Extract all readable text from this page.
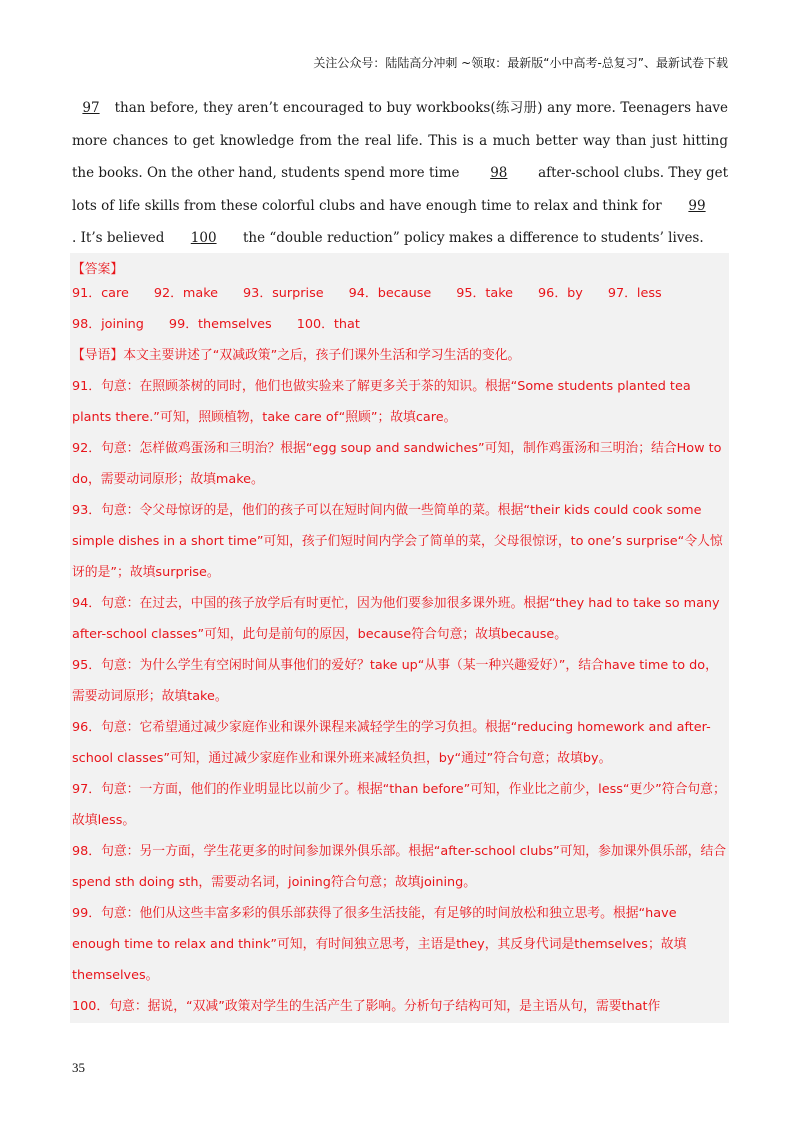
关注公众号：陆陆高分冲刺 ~领取：最新版“小中高考-总复习”、最新试卷下载
97 than before, they aren’t encouraged to buy workbooks(练习册) any more. Teenagers have more chances to get knowledge from the real life. This is a much better way than just hitting the books. On the other hand, students spend more time 98 after-school clubs. They get lots of life skills from these colorful clubs and have enough time to relax and think for 99. It’s believed 100 the “double reduction” policy makes a difference to students’ lives.
【答案】
91．care 92．make 93．surprise 94．because 95．take 96．by 97．less98．joining 99．themselves 100．that

【导语】本文主要讲述了“双减政策”之后，孩子们课外生活和学习生活的变化。

91．句意：在照顾茶树的同时，他们也做实验来了解更多关于茶的知识。根据“Some students planted tea plants there.”可知，照顾植物，take care of“照顾”；故填care。

92．句意：怎样做鸡蛋汤和三明治？根据“egg soup and sandwiches”可知，制作鸡蛋汤和三明治；结合How to do，需要动词原形；故填make。

93．句意：令父母惊讶的是，他们的孩子可以在短时间内做一些简单的菜。根据“their kids could cook some simple dishes in a short time”可知，孩子们短时间内学会了简单的菜，父母很惊讶，to one’s surprise“令人惊讶的是”；故填surprise。

94．句意：在过去，中国的孩子放学后有时更忙，因为他们要参加很多课外班。根据“they had to take so many after-school classes”可知，此句是前句的原因，because符合句意；故填because。

95．句意：为什么学生有空闲时间从事他们的爱好？take up“从事（某一种兴趣爱好）”，结合have time to do，需要动词原形；故填take。

96．句意：它希望通过减少家庭作业和课外课程来减轻学生的学习负担。根据“reducing homework and after-school classes”可知，通过减少家庭作业和课外班来减轻负担，by“通过”符合句意；故填by。

97．句意：一方面，他们的作业明显比以前少了。根据“than before”可知，作业比之前少，less“更少”符合句意；故填less。

98．句意：另一方面，学生花更多的时间参加课外俱乐部。根据“after-school clubs”可知，参加课外俱乐部，结合spend sth doing sth，需要动名词，joining符合句意；故填joining。

99．句意：他们从这些丰富多彩的俱乐部获得了很多生活技能，有足够的时间放松和独立思考。根据“have enough time to relax and think”可知，有时间独立思考，主语是they，其反身代词是themselves；故填themselves。

100．句意：据说，“双减”政策对学生的生活产生了影响。分析句子结构可知，是主语从句，需要that作

35
